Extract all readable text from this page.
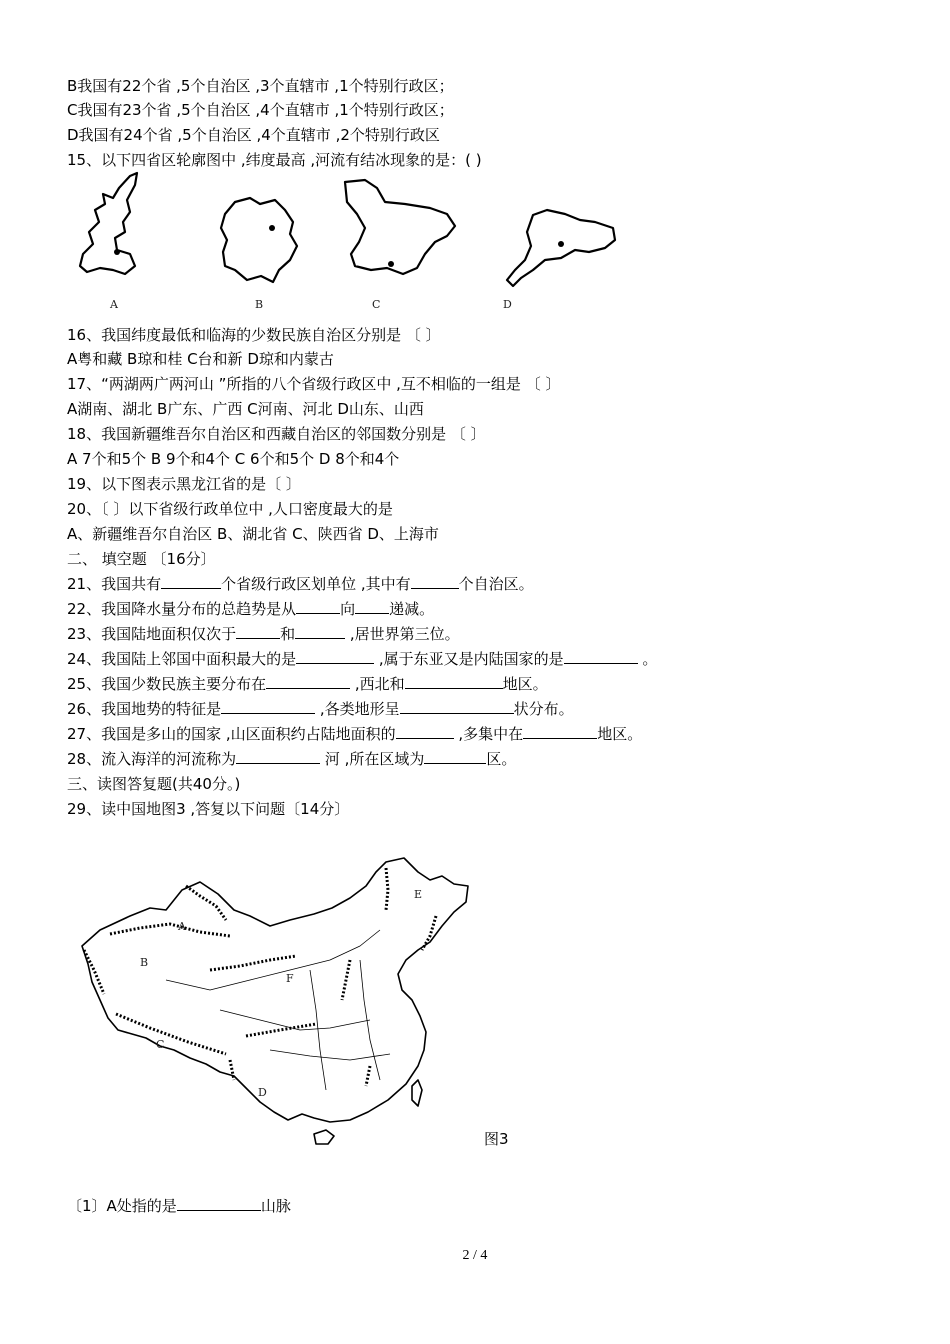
B我国有22个省 ,5个自治区 ,3个直辖市 ,1个特别行政区；
C我国有23个省 ,5个自治区 ,4个直辖市 ,1个特别行政区；
D我国有24个省 ,5个自治区 ,4个直辖市 ,2个特别行政区
15、以下四省区轮廓图中 ,纬度最高 ,河流有结冰现象的是：( )
A	B	C	D
16、我国纬度最低和临海的少数民族自治区分别是 〔 〕
A粤和藏 B琼和桂 C台和新 D琼和内蒙古
17、“两湖两广两河山 ”所指的八个省级行政区中 ,互不相临的一组是 〔 〕
A湖南、湖北 B广东、广西 C河南、河北 D山东、山西
18、我国新疆维吾尔自治区和西藏自治区的邻国数分别是 〔 〕
A 7个和5个 B 9个和4个 C 6个和5个 D 8个和4个
19、以下图表示黑龙江省的是〔 〕
20、〔 〕以下省级行政单位中 ,人口密度最大的是
A、新疆维吾尔自治区 B、湖北省 C、陕西省 D、上海市
二、 填空题 〔16分〕
21、我国共有	个省级行政区划单位 ,其中有	个自治区。
22、我国降水量分布的总趋势是从	向 递减。
23、我国陆地面积仅次于	和	,居世界第三位。
24、我国陆上邻国中面积最大的是	,属于东亚又是内陆国家的是	。
25、我国少数民族主要分布在	,西北和	地区。
26、我国地势的特征是	,各类地形呈	状分布。
27、我国是多山的国家 ,山区面积约占陆地面积的	,多集中在	地区。
28、流入海洋的河流称为	河 ,所在区域为	区。
三、读图答复题(共40分。)
29、读中国地图3 ,答复以下问题〔14分〕
A
B
C
D
E
F
图3
〔1〕A处指的是	山脉
2 / 4
